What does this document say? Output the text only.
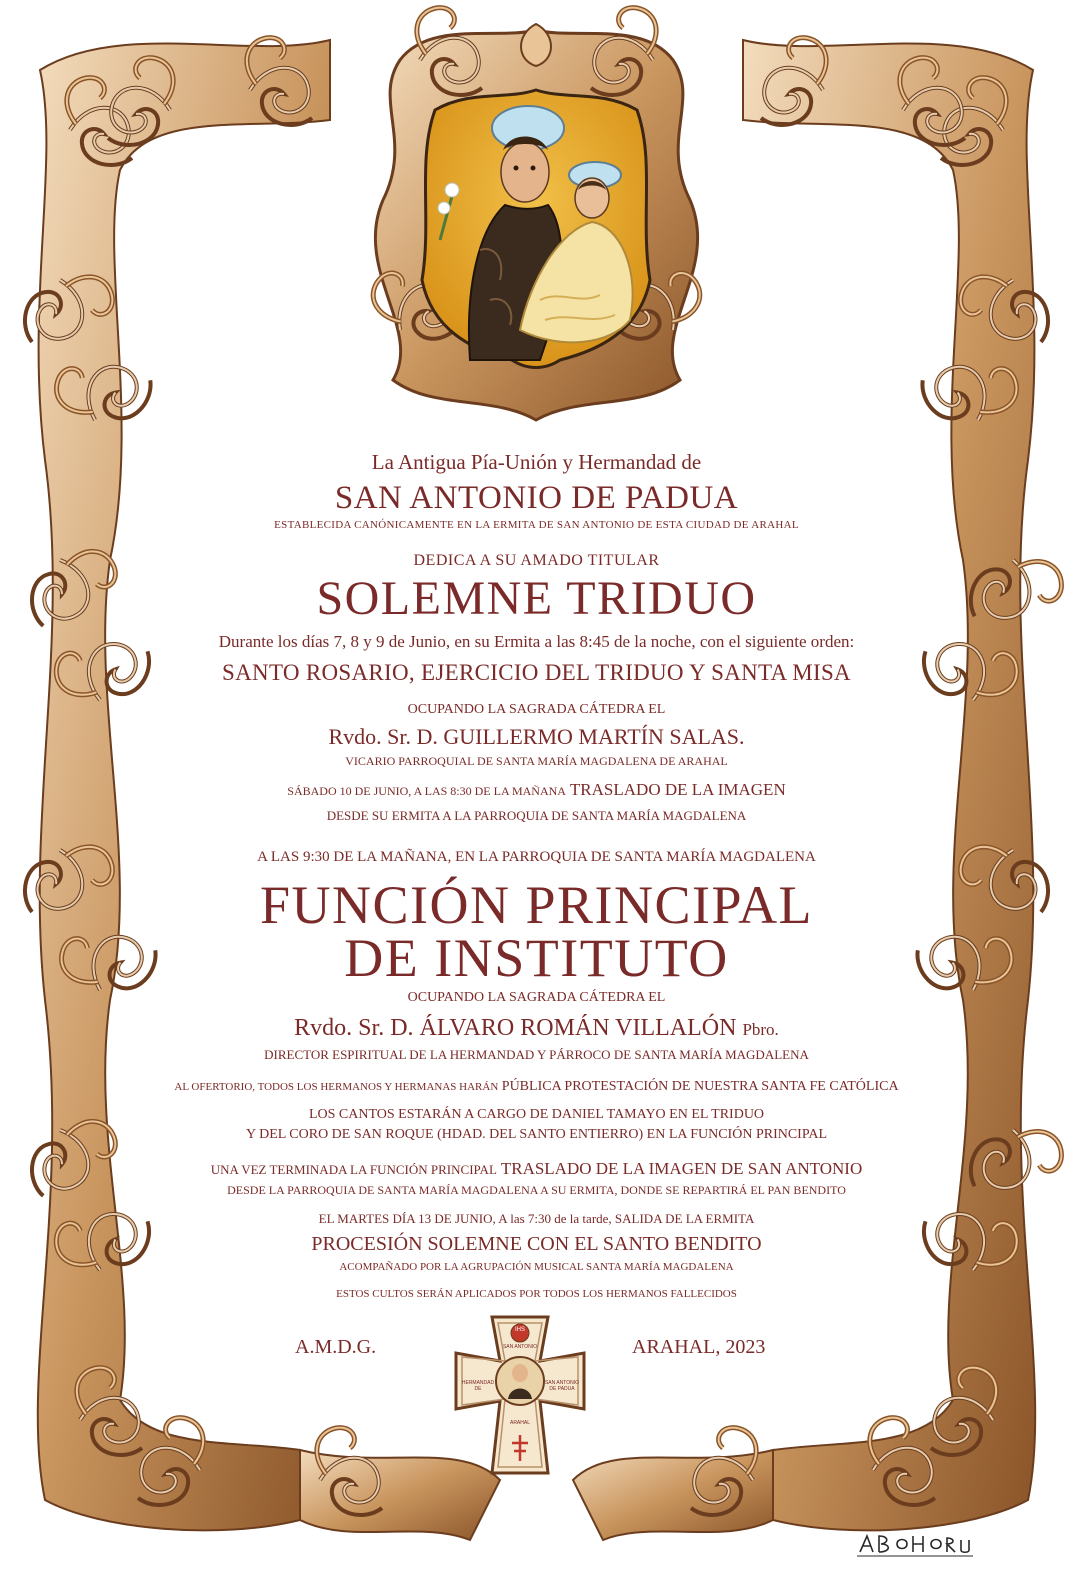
IHS
SAN ANTONIO
HERMANDAD DE
SAN ANTONIO DE PADUA
ARAHAL
La Antigua Pía-Unión y Hermandad de
SAN ANTONIO DE PADUA
ESTABLECIDA CANÓNICAMENTE EN LA ERMITA DE SAN ANTONIO DE ESTA CIUDAD DE ARAHAL
DEDICA A SU AMADO TITULAR
SOLEMNE TRIDUO
Durante los días 7, 8 y 9 de Junio, en su Ermita a las 8:45 de la noche, con el siguiente orden:
SANTO ROSARIO, EJERCICIO DEL TRIDUO Y SANTA MISA
OCUPANDO LA SAGRADA CÁTEDRA EL
Rvdo. Sr. D. GUILLERMO MARTÍN SALAS.
VICARIO PARROQUIAL DE SANTA MARÍA MAGDALENA DE ARAHAL
SÁBADO 10 DE JUNIO, A LAS 8:30 DE LA MAÑANA TRASLADO DE LA IMAGEN
DESDE SU ERMITA A LA PARROQUIA DE SANTA MARÍA MAGDALENA
A LAS 9:30 DE LA MAÑANA, EN LA PARROQUIA DE SANTA MARÍA MAGDALENA
FUNCIÓN PRINCIPAL
DE INSTITUTO
OCUPANDO LA SAGRADA CÁTEDRA EL
Rvdo. Sr. D. ÁLVARO ROMÁN VILLALÓN Pbro.
DIRECTOR ESPIRITUAL DE LA HERMANDAD Y PÁRROCO DE SANTA MARÍA MAGDALENA
AL OFERTORIO, TODOS LOS HERMANOS Y HERMANAS HARÁN PÚBLICA PROTESTACIÓN DE NUESTRA SANTA FE CATÓLICA
LOS CANTOS ESTARÁN A CARGO DE DANIEL TAMAYO EN EL TRIDUO
Y DEL CORO DE SAN ROQUE (HDAD. DEL SANTO ENTIERRO) EN LA FUNCIÓN PRINCIPAL
UNA VEZ TERMINADA LA FUNCIÓN PRINCIPAL TRASLADO DE LA IMAGEN DE SAN ANTONIO
DESDE LA PARROQUIA DE SANTA MARÍA MAGDALENA A SU ERMITA, DONDE SE REPARTIRÁ EL PAN BENDITO
EL MARTES DÍA 13 DE JUNIO, A las 7:30 de la tarde, SALIDA DE LA ERMITA
PROCESIÓN SOLEMNE CON EL SANTO BENDITO
ACOMPAÑADO POR LA AGRUPACIÓN MUSICAL SANTA MARÍA MAGDALENA
ESTOS CULTOS SERÁN APLICADOS POR TODOS LOS HERMANOS FALLECIDOS
A.M.D.G.	ARAHAL, 2023
